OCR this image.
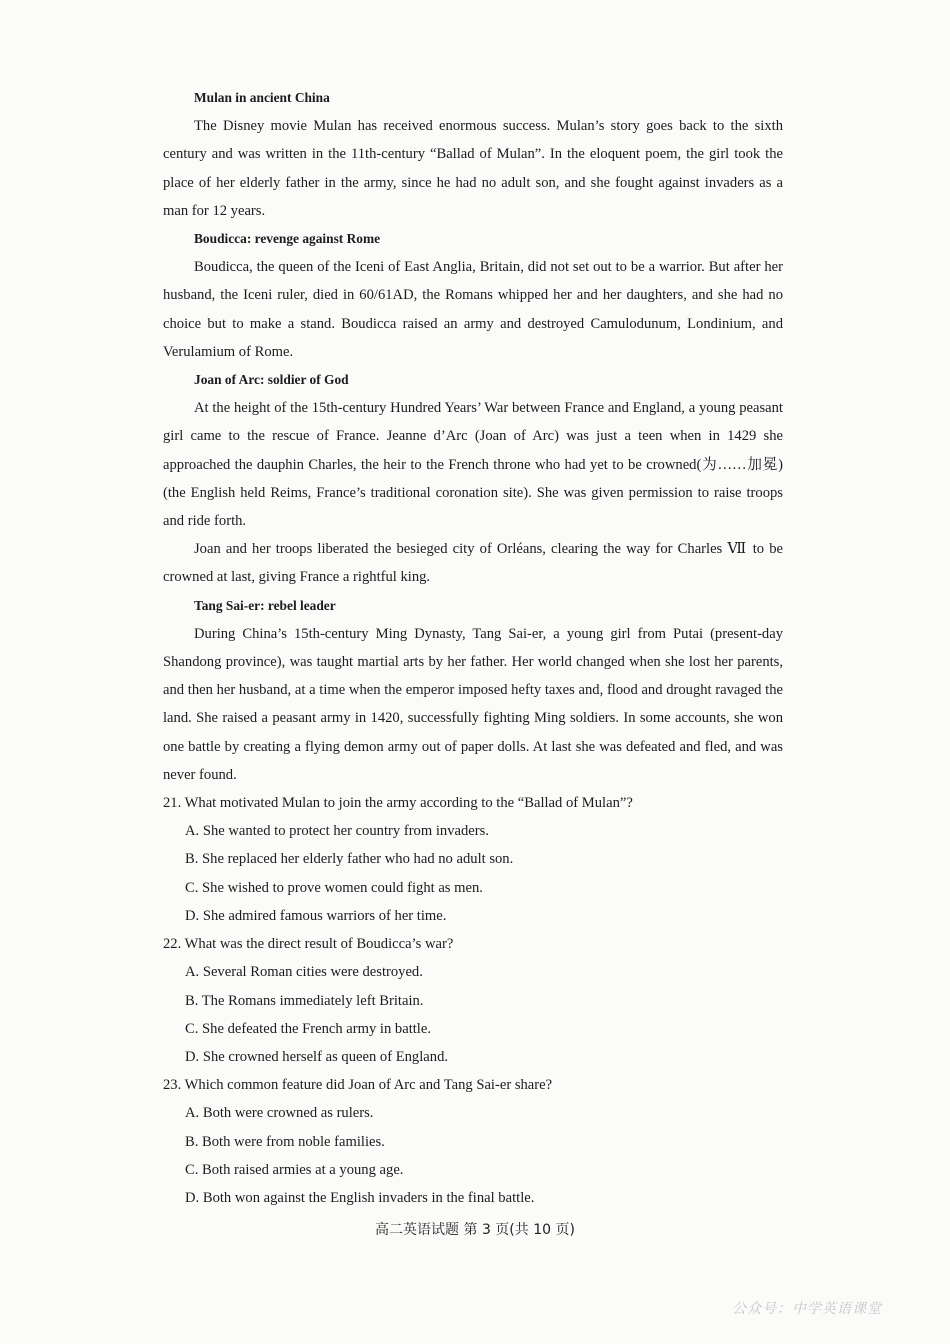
Mulan in ancient China

The Disney movie Mulan has received enormous success. Mulan’s story goes back to the sixth century and was written in the 11th-century “Ballad of Mulan”. In the eloquent poem, the girl took the place of her elderly father in the army, since he had no adult son, and she fought against invaders as a man for 12 years.

Boudicca: revenge against Rome

Boudicca, the queen of the Iceni of East Anglia, Britain, did not set out to be a warrior. But after her husband, the Iceni ruler, died in 60/61AD, the Romans whipped her and her daughters, and she had no choice but to make a stand. Boudicca raised an army and destroyed Camulodunum, Londinium, and Verulamium of Rome.

Joan of Arc: soldier of God

At the height of the 15th-century Hundred Years’ War between France and England, a young peasant girl came to the rescue of France. Jeanne d’Arc (Joan of Arc) was just a teen when in 1429 she approached the dauphin Charles, the heir to the French throne who had yet to be crowned(为……加冕) (the English held Reims, France’s traditional coronation site). She was given permission to raise troops and ride forth.

Joan and her troops liberated the besieged city of Orléans, clearing the way for Charles Ⅶ to be crowned at last, giving France a rightful king.

Tang Sai-er: rebel leader

During China’s 15th-century Ming Dynasty, Tang Sai-er, a young girl from Putai (present-day Shandong province), was taught martial arts by her father. Her world changed when she lost her parents, and then her husband, at a time when the emperor imposed hefty taxes and, flood and drought ravaged the land. She raised a peasant army in 1420, successfully fighting Ming soldiers. In some accounts, she won one battle by creating a flying demon army out of paper dolls. At last she was defeated and fled, and was never found.

21. What motivated Mulan to join the army according to the “Ballad of Mulan”?

A. She wanted to protect her country from invaders.

B. She replaced her elderly father who had no adult son.

C. She wished to prove women could fight as men.

D. She admired famous warriors of her time.

22. What was the direct result of Boudicca’s war?

A. Several Roman cities were destroyed.

B. The Romans immediately left Britain.

C. She defeated the French army in battle.

D. She crowned herself as queen of England.

23. Which common feature did Joan of Arc and Tang Sai-er share?

A. Both were crowned as rulers.

B. Both were from noble families.

C. Both raised armies at a young age.

D. Both won against the English invaders in the final battle.

高二英语试题 第 3 页(共 10 页)
公众号：中学英语课堂
